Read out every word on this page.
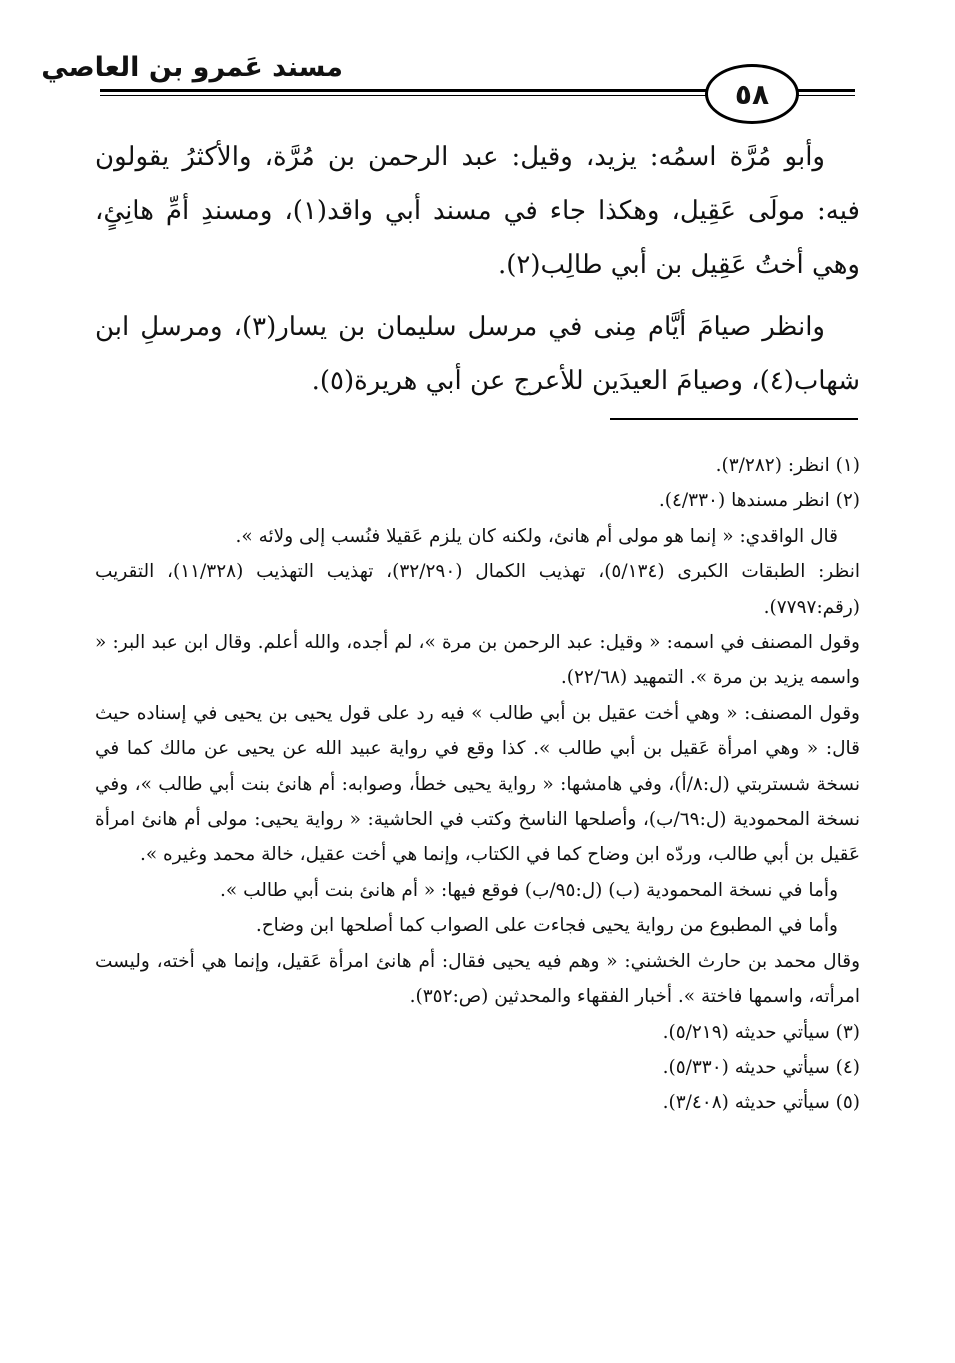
مسند عَمرو بن العاصي
٥٨

وأبو مُرَّة اسمُه: يزيد، وقيل: عبد الرحمن بن مُرَّة، والأكثرُ يقولون فيه: مولَى عَقِيل، وهكذا جاء في مسند أبي واقد(١)، ومسندِ أمِّ هانِئٍ، وهي أختُ عَقِيل بن أبي طالِب(٢).

وانظر صيامَ أيَّام مِنى في مرسل سليمان بن يسار(٣)، ومرسلِ ابن شهاب(٤)، وصيامَ العيدَين للأعرج عن أبي هريرة(٥).

(١) انظر: (٣/٢٨٢).

(٢) انظر مسندها (٤/٣٣٠).

قال الواقدي: « إنما هو مولى أم هانئ، ولكنه كان يلزم عَقيلا فنُسب إلى ولائه ».

انظر: الطبقات الكبرى (٥/١٣٤)، تهذيب الكمال (٣٢/٢٩٠)، تهذيب التهذيب (١١/٣٢٨)، التقريب (رقم:٧٧٩٧).

وقول المصنف في اسمه: « وقيل: عبد الرحمن بن مرة »، لم أجده، والله أعلم. وقال ابن عبد البر: « واسمه يزيد بن مرة ». التمهيد (٢٢/٦٨).

وقول المصنف: « وهي أخت عقيل بن أبي طالب » فيه رد على قول يحيى بن يحيى في إسناده حيث قال: « وهي امرأة عَقيل بن أبي طالب ». كذا وقع في رواية عبيد الله عن يحيى عن مالك كما في نسخة شستربتي (ل:٨/أ)، وفي هامشها: « رواية يحيى خطأ، وصوابه: أم هانئ بنت أبي طالب »، وفي نسخة المحمودية (ل:٦٩/ب)، وأصلحها الناسخ وكتب في الحاشية: « رواية يحيى: مولى أم هانئ امرأة عَقيل بن أبي طالب، وردّه ابن وضاح كما في الكتاب، وإنما هي أخت عقيل، خالة محمد وغيره ».

وأما في نسخة المحمودية (ب) (ل:٩٥/ب) فوقع فيها: « أم هانئ بنت أبي طالب ».

وأما في المطبوع من رواية يحيى فجاءت على الصواب كما أصلحها ابن وضاح.

وقال محمد بن حارث الخشني: « وهم فيه يحيى فقال: أم هانئ امرأة عَقيل، وإنما هي أخته، وليست امرأته، واسمها فاختة ». أخبار الفقهاء والمحدثين (ص:٣٥٢).

(٣) سيأتي حديثه (٥/٢١٩).

(٤) سيأتي حديثه (٥/٣٣٠).

(٥) سيأتي حديثه (٣/٤٠٨).
